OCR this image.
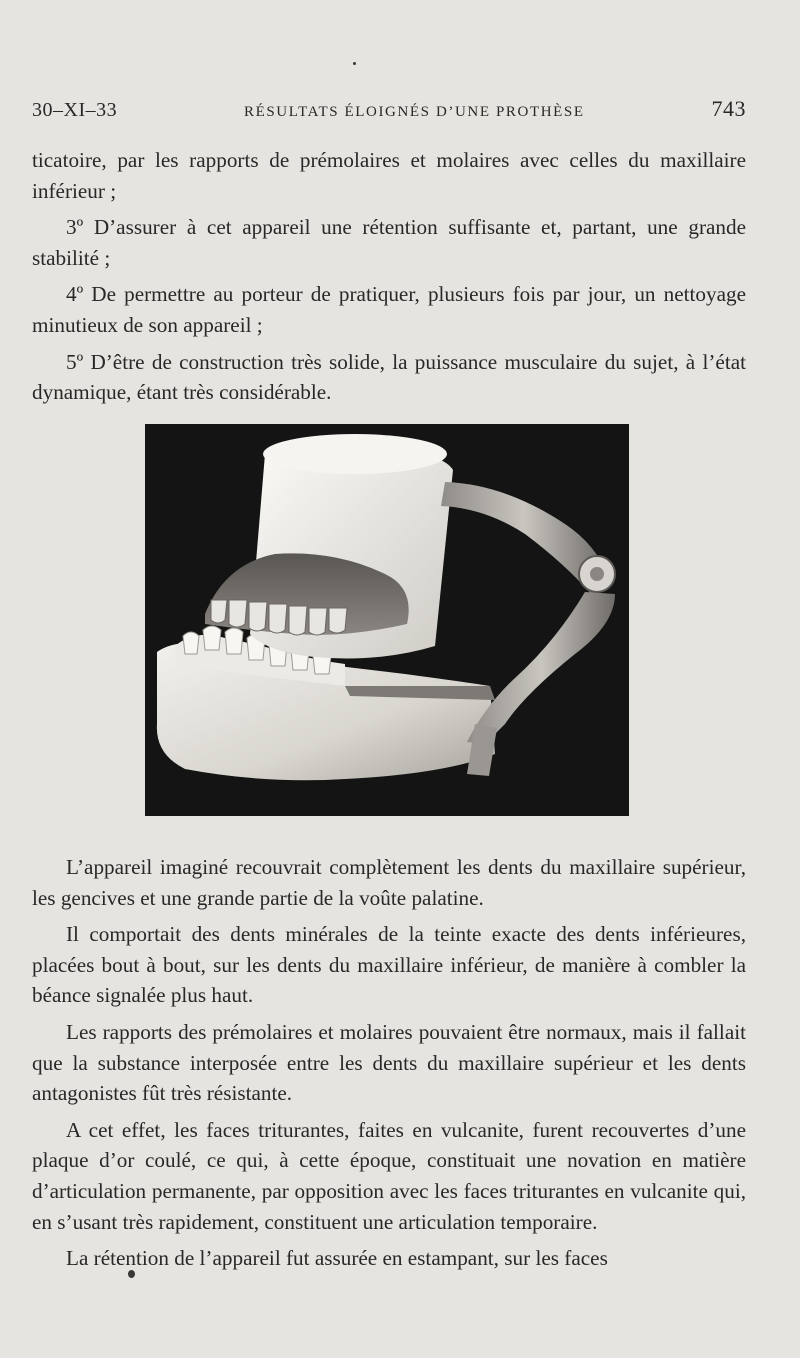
30–XI–33	RÉSULTATS ÉLOIGNÉS D’UNE PROTHÈSE	743

ticatoire, par les rapports de prémolaires et molaires avec celles du maxillaire inférieur ;

3º D’assurer à cet appareil une rétention suffisante et, partant, une grande stabilité ;

4º De permettre au porteur de pratiquer, plusieurs fois par jour, un nettoyage minutieux de son appareil ;

5º D’être de construction très solide, la puissance musculaire du sujet, à l’état dynamique, étant très considérable.

L’appareil imaginé recouvrait complètement les dents du maxillaire supérieur, les gencives et une grande partie de la voûte palatine.

Il comportait des dents minérales de la teinte exacte des dents inférieures, placées bout à bout, sur les dents du maxillaire inférieur, de manière à combler la béance signalée plus haut.

Les rapports des prémolaires et molaires pouvaient être normaux, mais il fallait que la substance interposée entre les dents du maxillaire supérieur et les dents antagonistes fût très résistante.

A cet effet, les faces triturantes, faites en vulcanite, furent recouvertes d’une plaque d’or coulé, ce qui, à cette époque, constituait une novation en matière d’articulation permanente, par opposition avec les faces triturantes en vulcanite qui, en s’usant très rapidement, constituent une articulation temporaire.

La rétention de l’appareil fut assurée en estampant, sur les faces
